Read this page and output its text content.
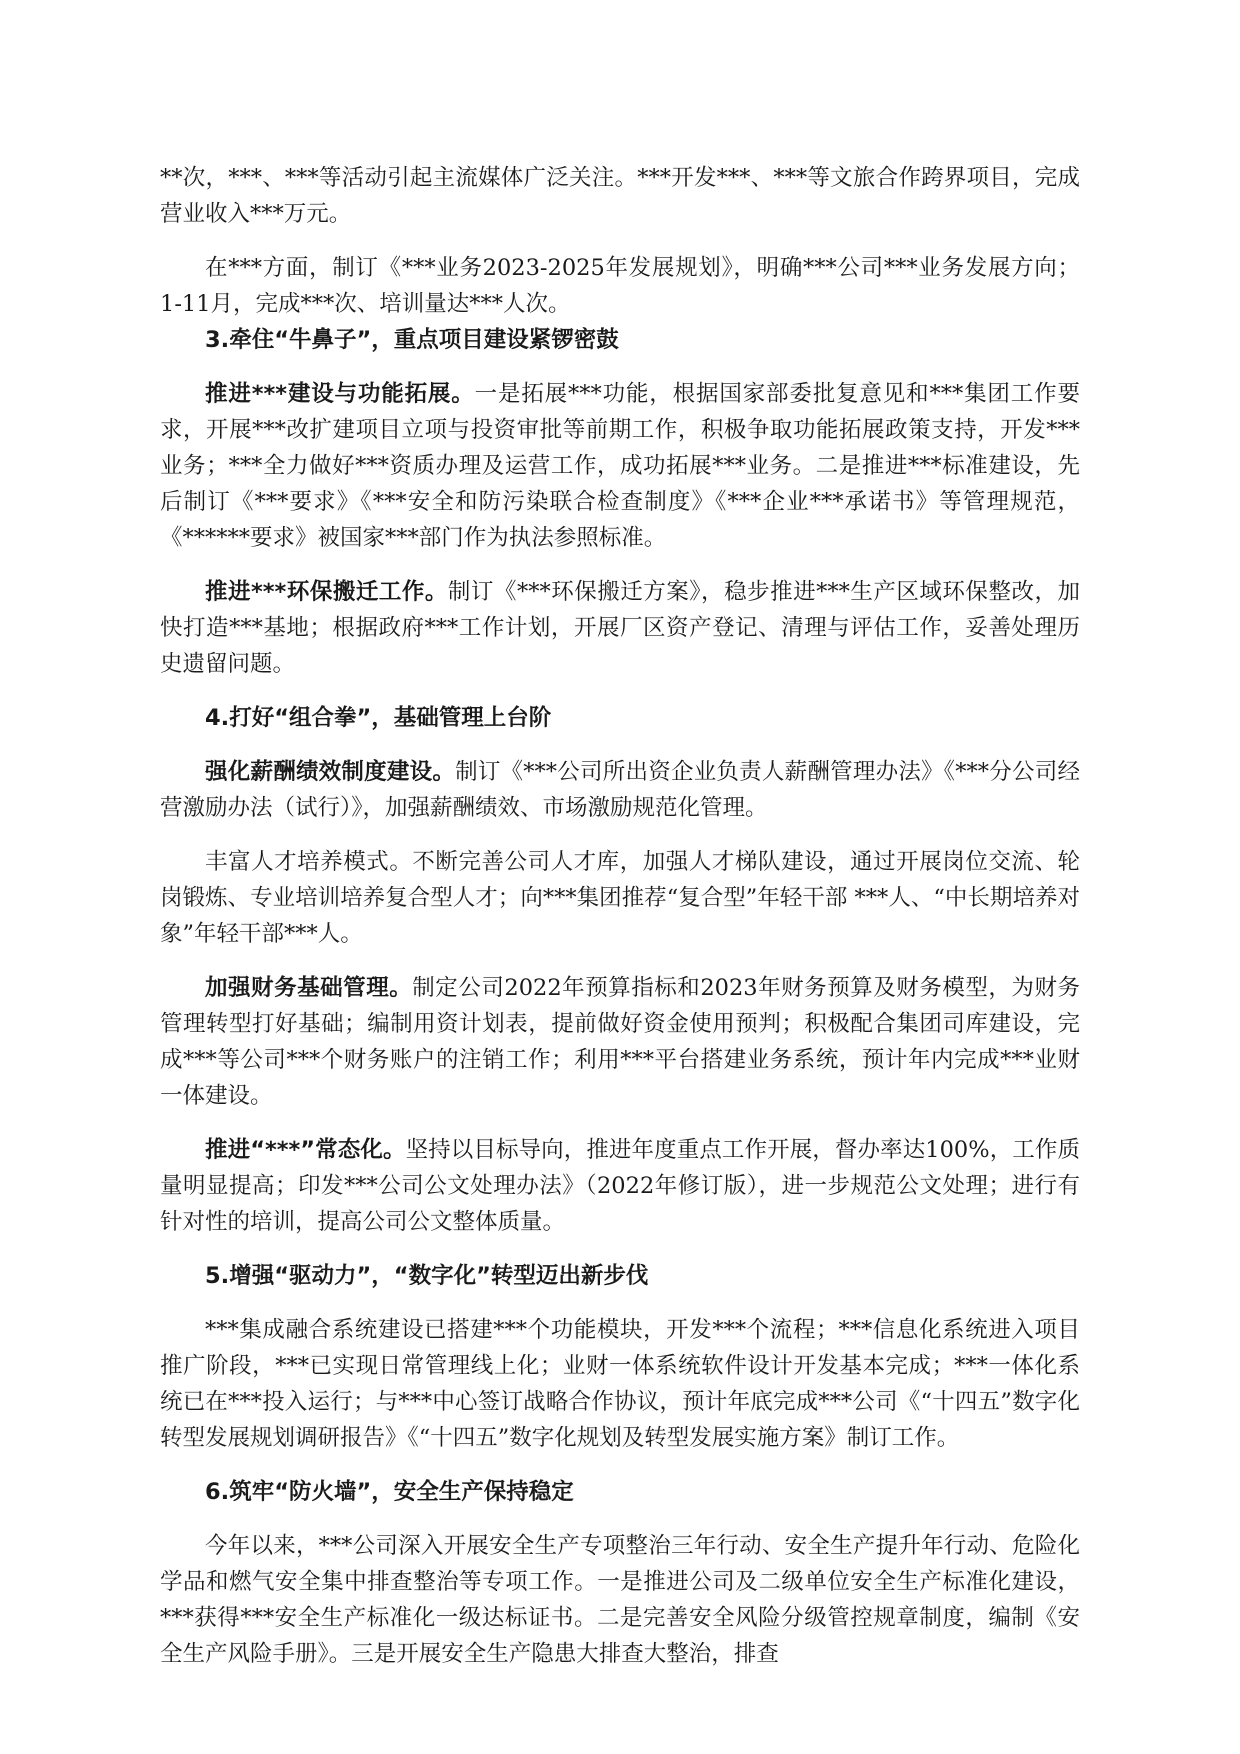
**次，***、***等活动引起主流媒体广泛关注。***开发***、***等文旅合作跨界项目，完成营业收入***万元。

在***方面，制订《***业务2023-2025年发展规划》，明确***公司***业务发展方向；1-11月，完成***次、培训量达***人次。

3.牵住“牛鼻子”，重点项目建设紧锣密鼓

推进***建设与功能拓展。一是拓展***功能，根据国家部委批复意见和***集团工作要求，开展***改扩建项目立项与投资审批等前期工作，积极争取功能拓展政策支持，开发***业务；***全力做好***资质办理及运营工作，成功拓展***业务。二是推进***标准建设，先后制订《***要求》《***安全和防污染联合检查制度》《***企业***承诺书》等管理规范，《******要求》被国家***部门作为执法参照标准。

推进***环保搬迁工作。制订《***环保搬迁方案》，稳步推进***生产区域环保整改，加快打造***基地；根据政府***工作计划，开展厂区资产登记、清理与评估工作，妥善处理历史遗留问题。

4.打好“组合拳”，基础管理上台阶

强化薪酬绩效制度建设。制订《***公司所出资企业负责人薪酬管理办法》《***分公司经营激励办法（试行）》，加强薪酬绩效、市场激励规范化管理。

丰富人才培养模式。不断完善公司人才库，加强人才梯队建设，通过开展岗位交流、轮岗锻炼、专业培训培养复合型人才；向***集团推荐“复合型”年轻干部 ***人、“中长期培养对象”年轻干部***人。

加强财务基础管理。制定公司2022年预算指标和2023年财务预算及财务模型，为财务管理转型打好基础；编制用资计划表，提前做好资金使用预判；积极配合集团司库建设，完成***等公司***个财务账户的注销工作；利用***平台搭建业务系统，预计年内完成***业财一体建设。

推进“***”常态化。坚持以目标导向，推进年度重点工作开展，督办率达100%，工作质量明显提高；印发***公司公文处理办法》（2022年修订版），进一步规范公文处理；进行有针对性的培训，提高公司公文整体质量。

5.增强“驱动力”，“数字化”转型迈出新步伐

***集成融合系统建设已搭建***个功能模块，开发***个流程；***信息化系统进入项目推广阶段，***已实现日常管理线上化；业财一体系统软件设计开发基本完成；***一体化系统已在***投入运行；与***中心签订战略合作协议，预计年底完成***公司《“十四五”数字化转型发展规划调研报告》《“十四五”数字化规划及转型发展实施方案》制订工作。

6.筑牢“防火墙”，安全生产保持稳定

今年以来，***公司深入开展安全生产专项整治三年行动、安全生产提升年行动、危险化学品和燃气安全集中排查整治等专项工作。一是推进公司及二级单位安全生产标准化建设，***获得***安全生产标准化一级达标证书。二是完善安全风险分级管控规章制度，编制《安全生产风险手册》。三是开展安全生产隐患大排查大整治，排查
